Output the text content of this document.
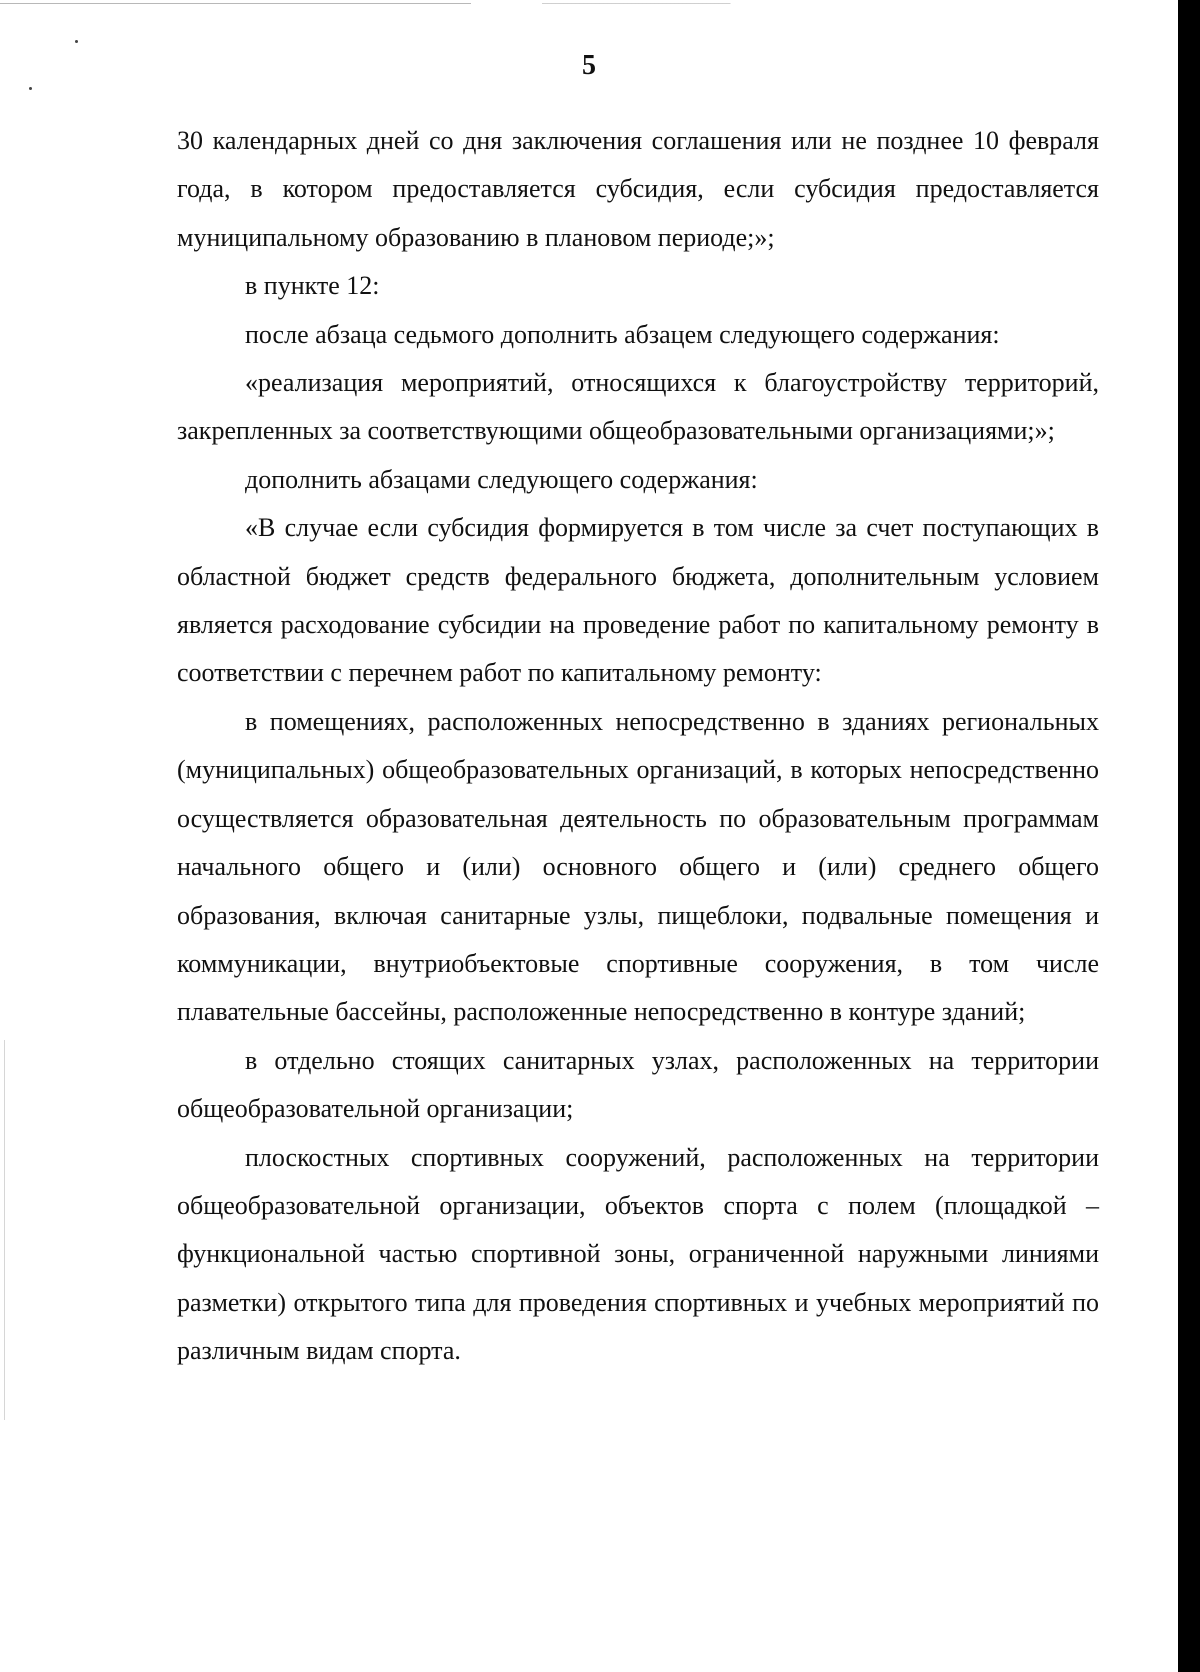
5

30 календарных дней со дня заключения соглашения или не позднее 10 февраля года, в котором предоставляется субсидия, если субсидия предоставляется муниципальному образованию в плановом периоде;»;

в пункте 12:

после абзаца седьмого дополнить абзацем следующего содержания:

«реализация мероприятий, относящихся к благоустройству территорий, закрепленных за соответствующими общеобразовательными организациями;»;

дополнить абзацами следующего содержания:

«В случае если субсидия формируется в том числе за счет поступающих в областной бюджет средств федерального бюджета, дополнительным условием является расходование субсидии на проведение работ по капитальному ремонту в соответствии с перечнем работ по капитальному ремонту:

в помещениях, расположенных непосредственно в зданиях региональных (муниципальных) общеобразовательных организаций, в которых непосредственно осуществляется образовательная деятельность по образовательным программам начального общего и (или) основного общего и (или) среднего общего образования, включая санитарные узлы, пищеблоки, подвальные помещения и коммуникации, внутриобъектовые спортивные сооружения, в том числе плавательные бассейны, расположенные непосредственно в контуре зданий;

в отдельно стоящих санитарных узлах, расположенных на территории общеобразовательной организации;

плоскостных спортивных сооружений, расположенных на территории общеобразовательной организации, объектов спорта с полем (площадкой – функциональной частью спортивной зоны, ограниченной наружными линиями разметки) открытого типа для проведения спортивных и учебных мероприятий по различным видам спорта.
